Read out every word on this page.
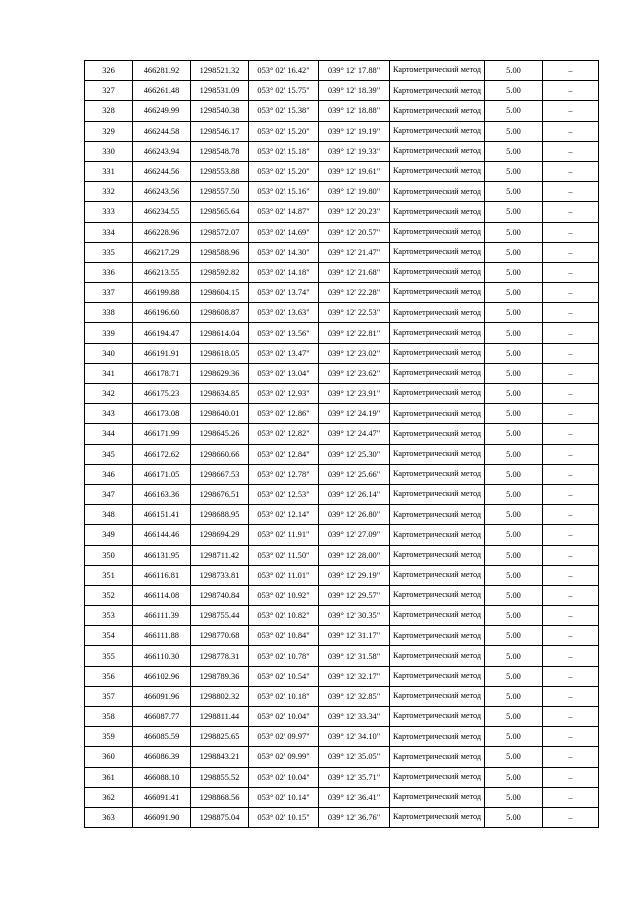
326	466281.92	1298521.32	053° 02' 16.42"	039° 12' 17.88"	Картометрический метод	5.00	–
327	466261.48	1298531.09	053° 02' 15.75"	039° 12' 18.39"	Картометрический метод	5.00	–
328	466249.99	1298540.38	053° 02' 15.38"	039° 12' 18.88"	Картометрический метод	5.00	–
329	466244.58	1298546.17	053° 02' 15.20"	039° 12' 19.19"	Картометрический метод	5.00	–
330	466243.94	1298548.78	053° 02' 15.18"	039° 12' 19.33"	Картометрический метод	5.00	–
331	466244.56	1298553.88	053° 02' 15.20"	039° 12' 19.61"	Картометрический метод	5.00	–
332	466243.56	1298557.50	053° 02' 15.16"	039° 12' 19.80"	Картометрический метод	5.00	–
333	466234.55	1298565.64	053° 02' 14.87"	039° 12' 20.23"	Картометрический метод	5.00	–
334	466228.96	1298572.07	053° 02' 14.69"	039° 12' 20.57"	Картометрический метод	5.00	–
335	466217.29	1298588.96	053° 02' 14.30"	039° 12' 21.47"	Картометрический метод	5.00	–
336	466213.55	1298592.82	053° 02' 14.18"	039° 12' 21.68"	Картометрический метод	5.00	–
337	466199.88	1298604.15	053° 02' 13.74"	039° 12' 22.28"	Картометрический метод	5.00	–
338	466196.60	1298608.87	053° 02' 13.63"	039° 12' 22.53"	Картометрический метод	5.00	–
339	466194.47	1298614.04	053° 02' 13.56"	039° 12' 22.81"	Картометрический метод	5.00	–
340	466191.91	1298618.05	053° 02' 13.47"	039° 12' 23.02"	Картометрический метод	5.00	–
341	466178.71	1298629.36	053° 02' 13.04"	039° 12' 23.62"	Картометрический метод	5.00	–
342	466175.23	1298634.85	053° 02' 12.93"	039° 12' 23.91"	Картометрический метод	5.00	–
343	466173.08	1298640.01	053° 02' 12.86"	039° 12' 24.19"	Картометрический метод	5.00	–
344	466171.99	1298645.26	053° 02' 12.82"	039° 12' 24.47"	Картометрический метод	5.00	–
345	466172.62	1298660.66	053° 02' 12.84"	039° 12' 25.30"	Картометрический метод	5.00	–
346	466171.05	1298667.53	053° 02' 12.78"	039° 12' 25.66"	Картометрический метод	5.00	–
347	466163.36	1298676.51	053° 02' 12.53"	039° 12' 26.14"	Картометрический метод	5.00	–
348	466151.41	1298688.95	053° 02' 12.14"	039° 12' 26.80"	Картометрический метод	5.00	–
349	466144.46	1298694.29	053° 02' 11.91"	039° 12' 27.09"	Картометрический метод	5.00	–
350	466131.95	1298711.42	053° 02' 11.50"	039° 12' 28.00"	Картометрический метод	5.00	–
351	466116.81	1298733.81	053° 02' 11.01"	039° 12' 29.19"	Картометрический метод	5.00	–
352	466114.08	1298740.84	053° 02' 10.92"	039° 12' 29.57"	Картометрический метод	5.00	–
353	466111.39	1298755.44	053° 02' 10.82"	039° 12' 30.35"	Картометрический метод	5.00	–
354	466111.88	1298770.68	053° 02' 10.84"	039° 12' 31.17"	Картометрический метод	5.00	–
355	466110.30	1298778.31	053° 02' 10.78"	039° 12' 31.58"	Картометрический метод	5.00	–
356	466102.96	1298789.36	053° 02' 10.54"	039° 12' 32.17"	Картометрический метод	5.00	–
357	466091.96	1298802.32	053° 02' 10.18"	039° 12' 32.85"	Картометрический метод	5.00	–
358	466087.77	1298811.44	053° 02' 10.04"	039° 12' 33.34"	Картометрический метод	5.00	–
359	466085.59	1298825.65	053° 02' 09.97"	039° 12' 34.10"	Картометрический метод	5.00	–
360	466086.39	1298843.21	053° 02' 09.99"	039° 12' 35.05"	Картометрический метод	5.00	–
361	466088.10	1298855.52	053° 02' 10.04"	039° 12' 35.71"	Картометрический метод	5.00	–
362	466091.41	1298868.56	053° 02' 10.14"	039° 12' 36.41"	Картометрический метод	5.00	–
363	466091.90	1298875.04	053° 02' 10.15"	039° 12' 36.76"	Картометрический метод	5.00	–
